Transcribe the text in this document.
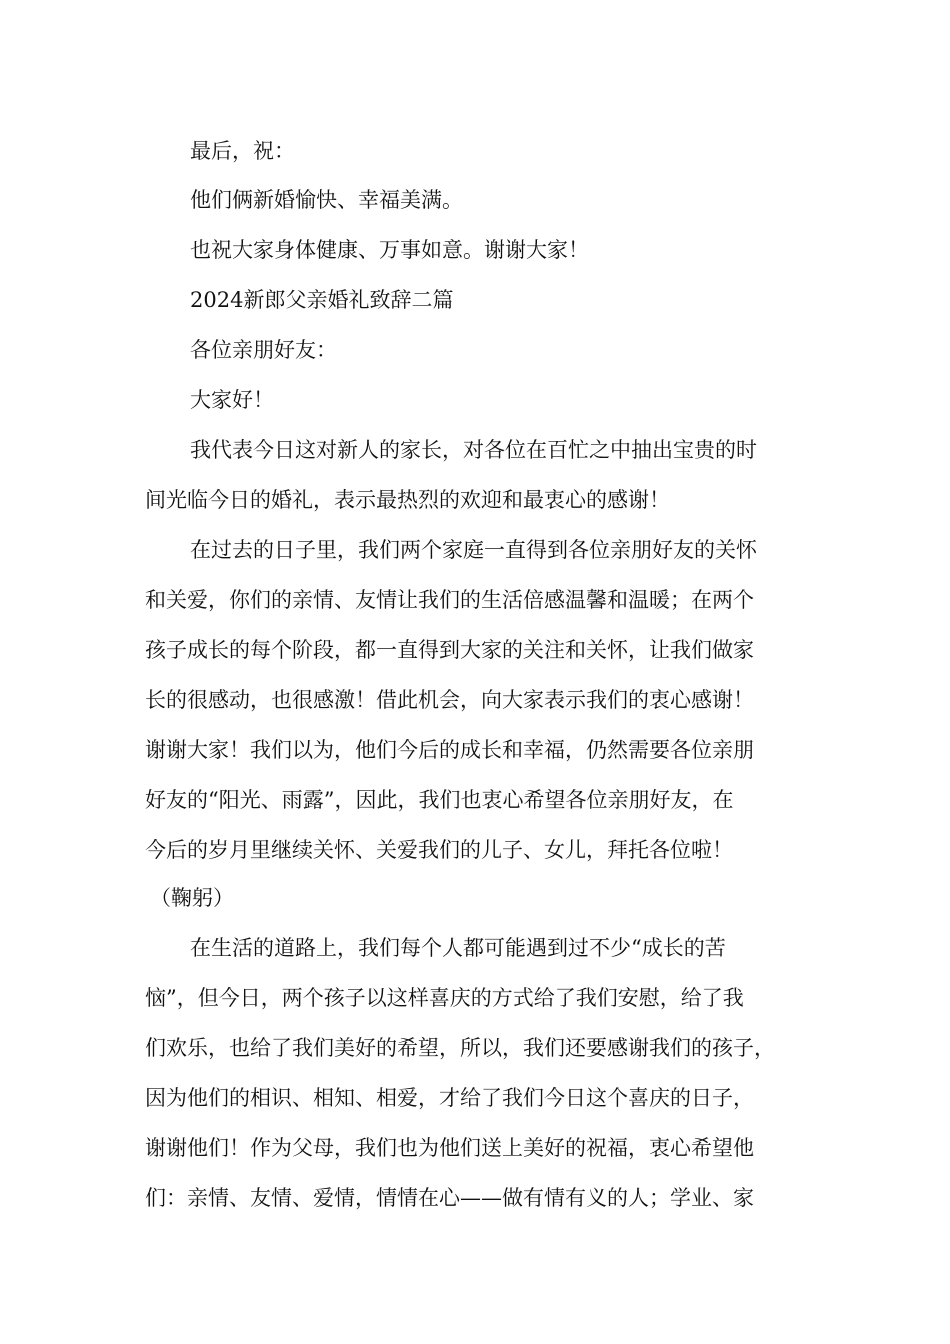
最后，祝：
他们俩新婚愉快、幸福美满。
也祝大家身体健康、万事如意。谢谢大家！
2024新郎父亲婚礼致辞二篇
各位亲朋好友：
大家好！
我代表今日这对新人的家长，对各位在百忙之中抽出宝贵的时
间光临今日的婚礼，表示最热烈的欢迎和最衷心的感谢！
在过去的日子里，我们两个家庭一直得到各位亲朋好友的关怀
和关爱，你们的亲情、友情让我们的生活倍感温馨和温暖；在两个
孩子成长的每个阶段，都一直得到大家的关注和关怀，让我们做家
长的很感动，也很感激！借此机会，向大家表示我们的衷心感谢！
谢谢大家！我们以为，他们今后的成长和幸福，仍然需要各位亲朋
好友的“阳光、雨露”，因此，我们也衷心希望各位亲朋好友，在
今后的岁月里继续关怀、关爱我们的儿子、女儿，拜托各位啦！
（鞠躬）
在生活的道路上，我们每个人都可能遇到过不少“成长的苦
恼”，但今日，两个孩子以这样喜庆的方式给了我们安慰，给了我
们欢乐，也给了我们美好的希望，所以，我们还要感谢我们的孩子，
因为他们的相识、相知、相爱，才给了我们今日这个喜庆的日子，
谢谢他们！作为父母，我们也为他们送上美好的祝福，衷心希望他
们：亲情、友情、爱情，情情在心——做有情有义的人；学业、家
